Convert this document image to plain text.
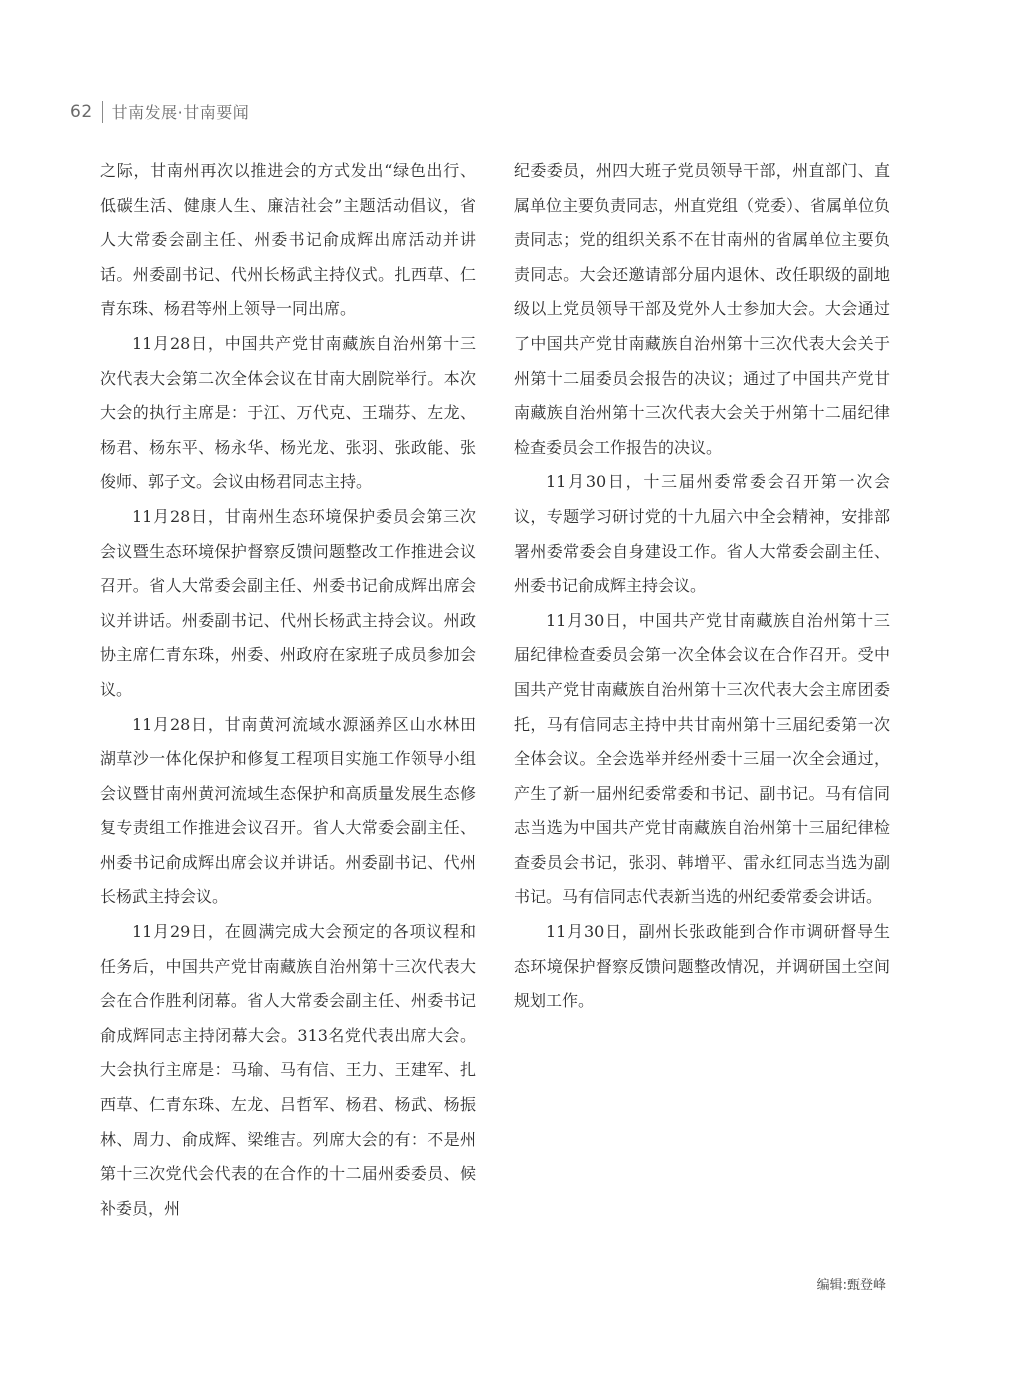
62 甘南发展·甘南要闻

之际，甘南州再次以推进会的方式发出“绿色出行、低碳生活、健康人生、廉洁社会”主题活动倡议，省人大常委会副主任、州委书记俞成辉出席活动并讲话。州委副书记、代州长杨武主持仪式。扎西草、仁青东珠、杨君等州上领导一同出席。

11月28日，中国共产党甘南藏族自治州第十三次代表大会第二次全体会议在甘南大剧院举行。本次大会的执行主席是：于江、万代克、王瑞芬、左龙、杨君、杨东平、杨永华、杨光龙、张羽、张政能、张俊师、郭子文。会议由杨君同志主持。

11月28日，甘南州生态环境保护委员会第三次会议暨生态环境保护督察反馈问题整改工作推进会议召开。省人大常委会副主任、州委书记俞成辉出席会议并讲话。州委副书记、代州长杨武主持会议。州政协主席仁青东珠，州委、州政府在家班子成员参加会议。

11月28日，甘南黄河流域水源涵养区山水林田湖草沙一体化保护和修复工程项目实施工作领导小组会议暨甘南州黄河流域生态保护和高质量发展生态修复专责组工作推进会议召开。省人大常委会副主任、州委书记俞成辉出席会议并讲话。州委副书记、代州长杨武主持会议。

11月29日，在圆满完成大会预定的各项议程和任务后，中国共产党甘南藏族自治州第十三次代表大会在合作胜利闭幕。省人大常委会副主任、州委书记俞成辉同志主持闭幕大会。313名党代表出席大会。大会执行主席是：马瑜、马有信、王力、王建军、扎西草、仁青东珠、左龙、吕哲军、杨君、杨武、杨振林、周力、俞成辉、梁维吉。列席大会的有：不是州第十三次党代会代表的在合作的十二届州委委员、候补委员，州

纪委委员，州四大班子党员领导干部，州直部门、直属单位主要负责同志，州直党组（党委）、省属单位负责同志；党的组织关系不在甘南州的省属单位主要负责同志。大会还邀请部分届内退休、改任职级的副地级以上党员领导干部及党外人士参加大会。大会通过了中国共产党甘南藏族自治州第十三次代表大会关于州第十二届委员会报告的决议；通过了中国共产党甘南藏族自治州第十三次代表大会关于州第十二届纪律检查委员会工作报告的决议。

11月30日，十三届州委常委会召开第一次会议，专题学习研讨党的十九届六中全会精神，安排部署州委常委会自身建设工作。省人大常委会副主任、州委书记俞成辉主持会议。

11月30日，中国共产党甘南藏族自治州第十三届纪律检查委员会第一次全体会议在合作召开。受中国共产党甘南藏族自治州第十三次代表大会主席团委托，马有信同志主持中共甘南州第十三届纪委第一次全体会议。全会选举并经州委十三届一次全会通过，产生了新一届州纪委常委和书记、副书记。马有信同志当选为中国共产党甘南藏族自治州第十三届纪律检查委员会书记，张羽、韩增平、雷永红同志当选为副书记。马有信同志代表新当选的州纪委常委会讲话。

11月30日，副州长张政能到合作市调研督导生态环境保护督察反馈问题整改情况，并调研国土空间规划工作。

编辑:甄登峰
